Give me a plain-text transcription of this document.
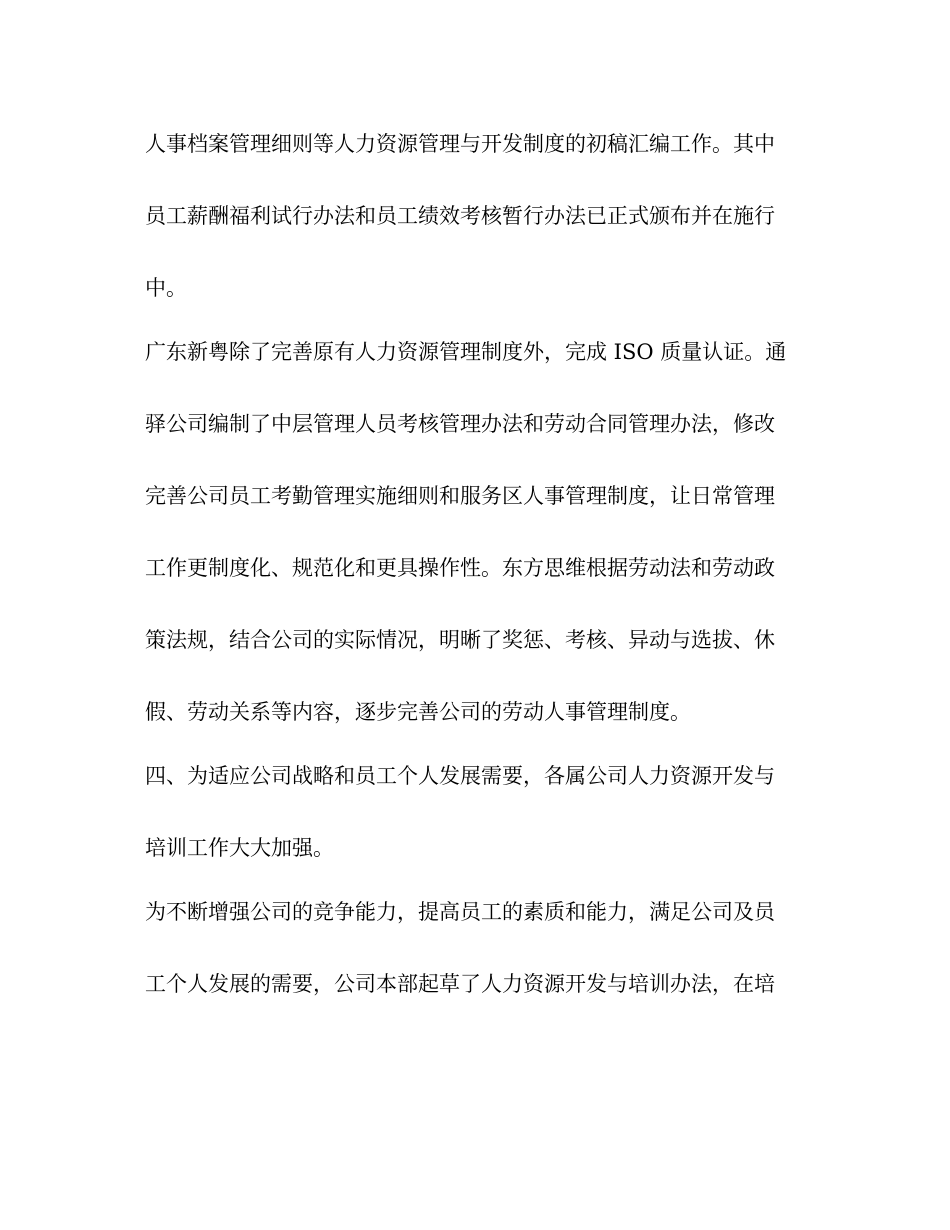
人事档案管理细则等人力资源管理与开发制度的初稿汇编工作。其中
员工薪酬福利试行办法和员工绩效考核暂行办法已正式颁布并在施行
中。
广东新粤除了完善原有人力资源管理制度外，完成 ISO 质量认证。通
驿公司编制了中层管理人员考核管理办法和劳动合同管理办法，修改
完善公司员工考勤管理实施细则和服务区人事管理制度，让日常管理
工作更制度化、规范化和更具操作性。东方思维根据劳动法和劳动政
策法规，结合公司的实际情况，明晰了奖惩、考核、异动与选拔、休
假、劳动关系等内容，逐步完善公司的劳动人事管理制度。
四、为适应公司战略和员工个人发展需要，各属公司人力资源开发与
培训工作大大加强。
为不断增强公司的竞争能力，提高员工的素质和能力，满足公司及员
工个人发展的需要，公司本部起草了人力资源开发与培训办法，在培
